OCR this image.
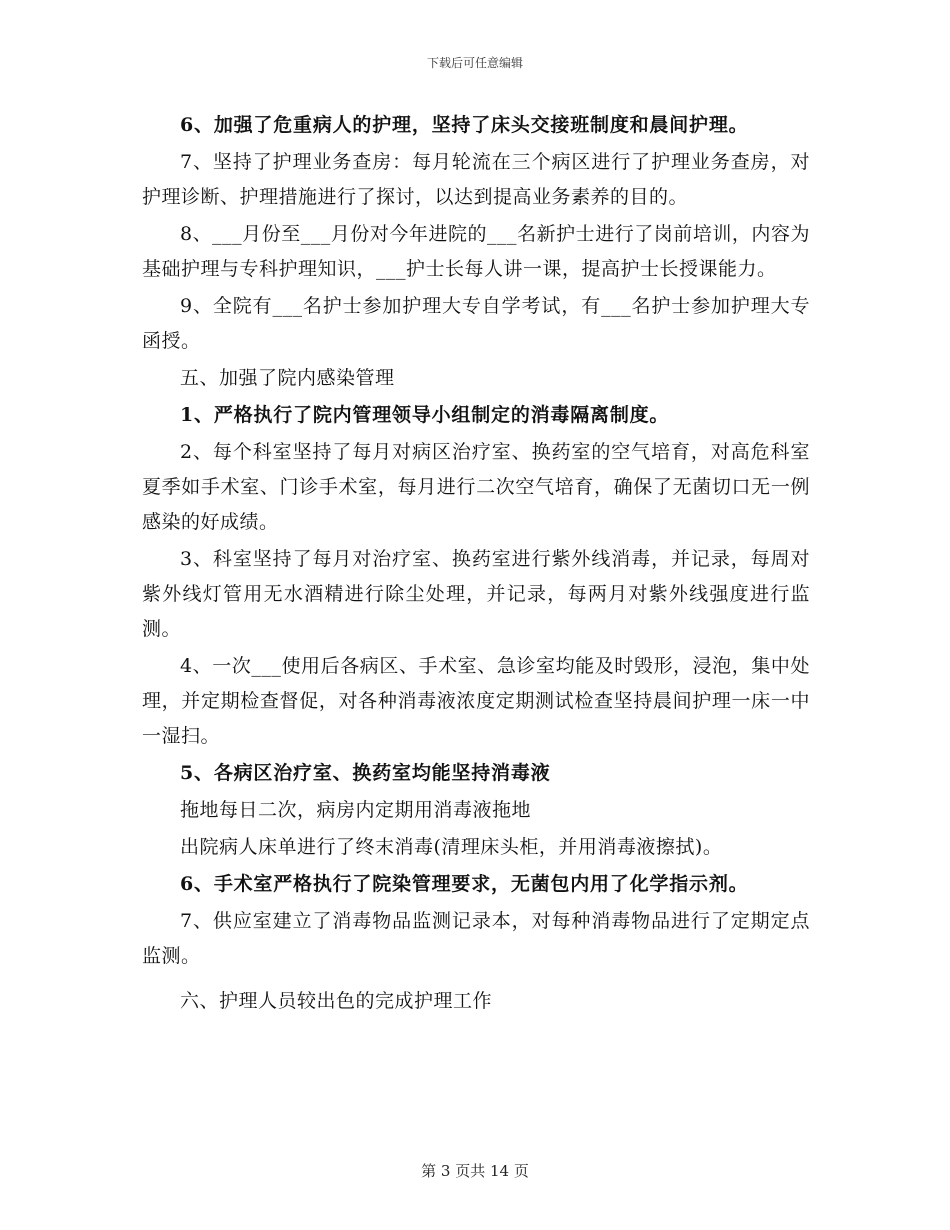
下载后可任意编辑

6、加强了危重病人的护理，坚持了床头交接班制度和晨间护理。

7、坚持了护理业务查房：每月轮流在三个病区进行了护理业务查房，对护理诊断、护理措施进行了探讨，以达到提高业务素养的目的。

8、___月份至___月份对今年进院的___名新护士进行了岗前培训，内容为基础护理与专科护理知识，___护士长每人讲一课，提高护士长授课能力。

9、全院有___名护士参加护理大专自学考试，有___名护士参加护理大专函授。

五、加强了院内感染管理

1、严格执行了院内管理领导小组制定的消毒隔离制度。

2、每个科室坚持了每月对病区治疗室、换药室的空气培育，对高危科室夏季如手术室、门诊手术室，每月进行二次空气培育，确保了无菌切口无一例感染的好成绩。

3、科室坚持了每月对治疗室、换药室进行紫外线消毒，并记录，每周对紫外线灯管用无水酒精进行除尘处理，并记录，每两月对紫外线强度进行监测。

4、一次___使用后各病区、手术室、急诊室均能及时毁形，浸泡，集中处理，并定期检查督促，对各种消毒液浓度定期测试检查坚持晨间护理一床一中一湿扫。

5、各病区治疗室、换药室均能坚持消毒液

拖地每日二次，病房内定期用消毒液拖地

出院病人床单进行了终末消毒(清理床头柜，并用消毒液擦拭)。

6、手术室严格执行了院染管理要求，无菌包内用了化学指示剂。

7、供应室建立了消毒物品监测记录本，对每种消毒物品进行了定期定点监测。

六、护理人员较出色的完成护理工作

第 3 页共 14 页
